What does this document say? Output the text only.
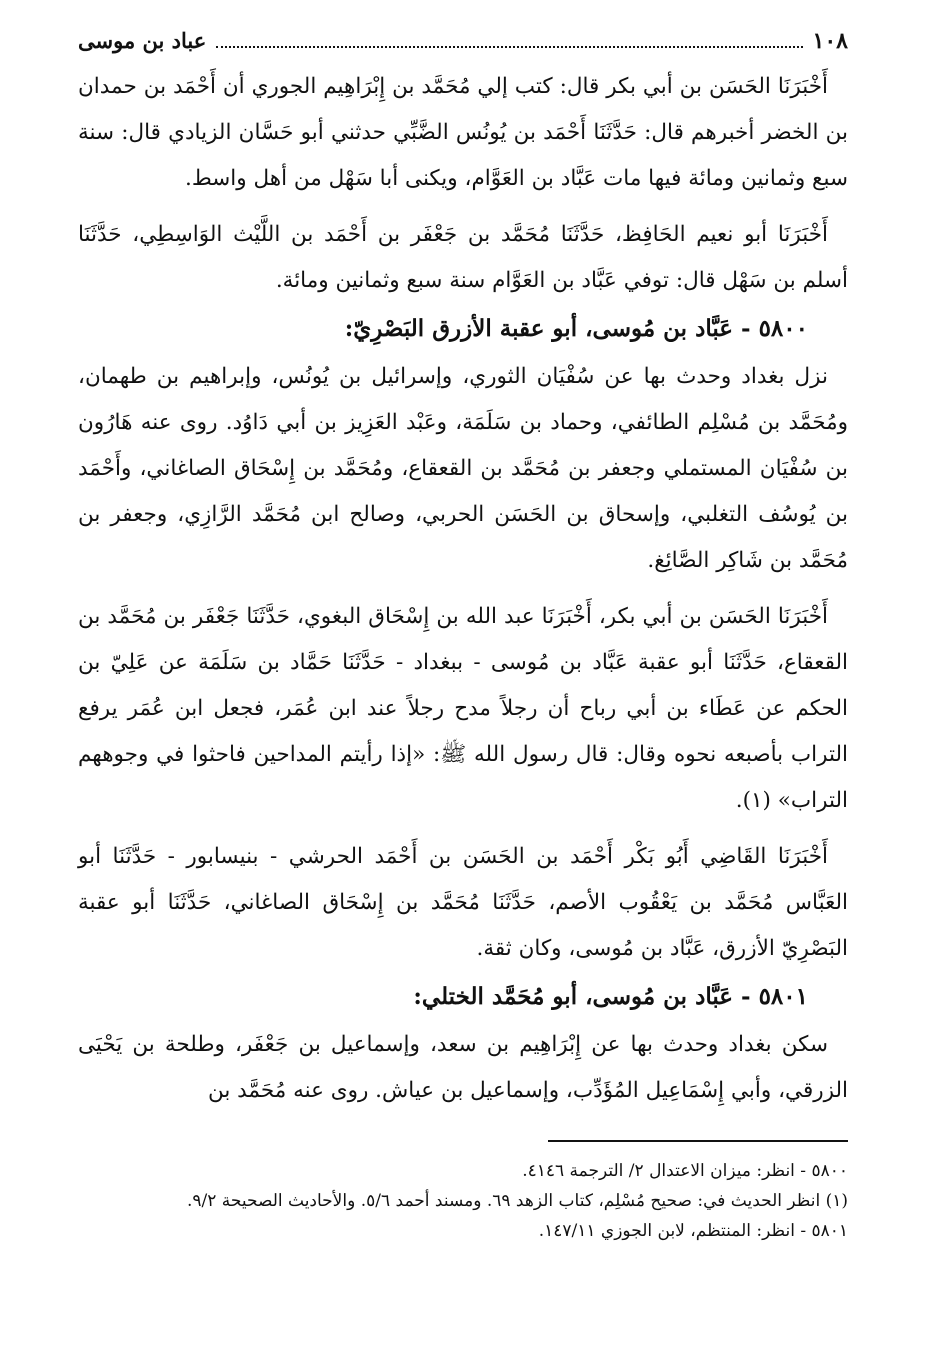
١٠٨
عباد بن موسى

أَخْبَرَنَا الحَسَن بن أبي بكر قال: كتب إلي مُحَمَّد بن إِبْرَاهِيم الجوري أن أَحْمَد بن حمدان بن الخضر أخبرهم قال: حَدَّثَنَا أَحْمَد بن يُونُس الضَّبِّي حدثني أبو حَسَّان الزيادي قال: سنة سبع وثمانين ومائة فيها مات عَبَّاد بن العَوَّام، ويكنى أبا سَهْل من أهل واسط.

أَخْبَرَنَا أبو نعيم الحَافِظ، حَدَّثَنَا مُحَمَّد بن جَعْفَر بن أَحْمَد بن اللَّيْث الوَاسِطِي، حَدَّثَنَا أسلم بن سَهْل قال: توفي عَبَّاد بن العَوَّام سنة سبع وثمانين ومائة.

٥٨٠٠ - عَبَّاد بن مُوسى، أبو عقبة الأزرق البَصْرِيّ:

نزل بغداد وحدث بها عن سُفْيَان الثوري، وإسرائيل بن يُونُس، وإبراهيم بن طهمان، ومُحَمَّد بن مُسْلِم الطائفي، وحماد بن سَلَمَة، وعَبْد العَزِيز بن أبي دَاوُد. روى عنه هَارُون بن سُفْيَان المستملي وجعفر بن مُحَمَّد بن القعقاع، ومُحَمَّد بن إِسْحَاق الصاغاني، وأَحْمَد بن يُوسُف التغلبي، وإسحاق بن الحَسَن الحربي، وصالح ابن مُحَمَّد الرَّازِي، وجعفر بن مُحَمَّد بن شَاكِر الصَّائِغ.

أَخْبَرَنَا الحَسَن بن أبي بكر، أَخْبَرَنَا عبد الله بن إِسْحَاق البغوي، حَدَّثَنَا جَعْفَر بن مُحَمَّد بن القعقاع، حَدَّثَنَا أبو عقبة عَبَّاد بن مُوسى - ببغداد - حَدَّثَنَا حَمَّاد بن سَلَمَة عن عَلِيّ بن الحكم عن عَطَاء بن أبي رباح أن رجلاً مدح رجلاً عند ابن عُمَر، فجعل ابن عُمَر يرفع التراب بأصبعه نحوه وقال: قال رسول الله ﷺ: «إذا رأيتم المداحين فاحثوا في وجوههم التراب» (١).

أَخْبَرَنَا القَاضِي أَبُو بَكْر أَحْمَد بن الحَسَن بن أَحْمَد الحرشي - بنيسابور - حَدَّثَنَا أبو العَبَّاس مُحَمَّد بن يَعْقُوب الأصم، حَدَّثَنَا مُحَمَّد بن إِسْحَاق الصاغاني، حَدَّثَنَا أبو عقبة البَصْرِيّ الأزرق، عَبَّاد بن مُوسى، وكان ثقة.

٥٨٠١ - عَبَّاد بن مُوسى، أبو مُحَمَّد الختلي:

سكن بغداد وحدث بها عن إِبْرَاهِيم بن سعد، وإسماعيل بن جَعْفَر، وطلحة بن يَحْيَى الزرقي، وأبي إِسْمَاعِيل المُؤَدِّب، وإسماعيل بن عياش. روى عنه مُحَمَّد بن

٥٨٠٠ - انظر: ميزان الاعتدال ٢/ الترجمة ٤١٤٦.

(١) انظر الحديث في: صحيح مُسْلِم، كتاب الزهد ٦٩. ومسند أحمد ٥/٦. والأحاديث الصحيحة ٩/٢.

٥٨٠١ - انظر: المنتظم، لابن الجوزي ١٤٧/١١.
